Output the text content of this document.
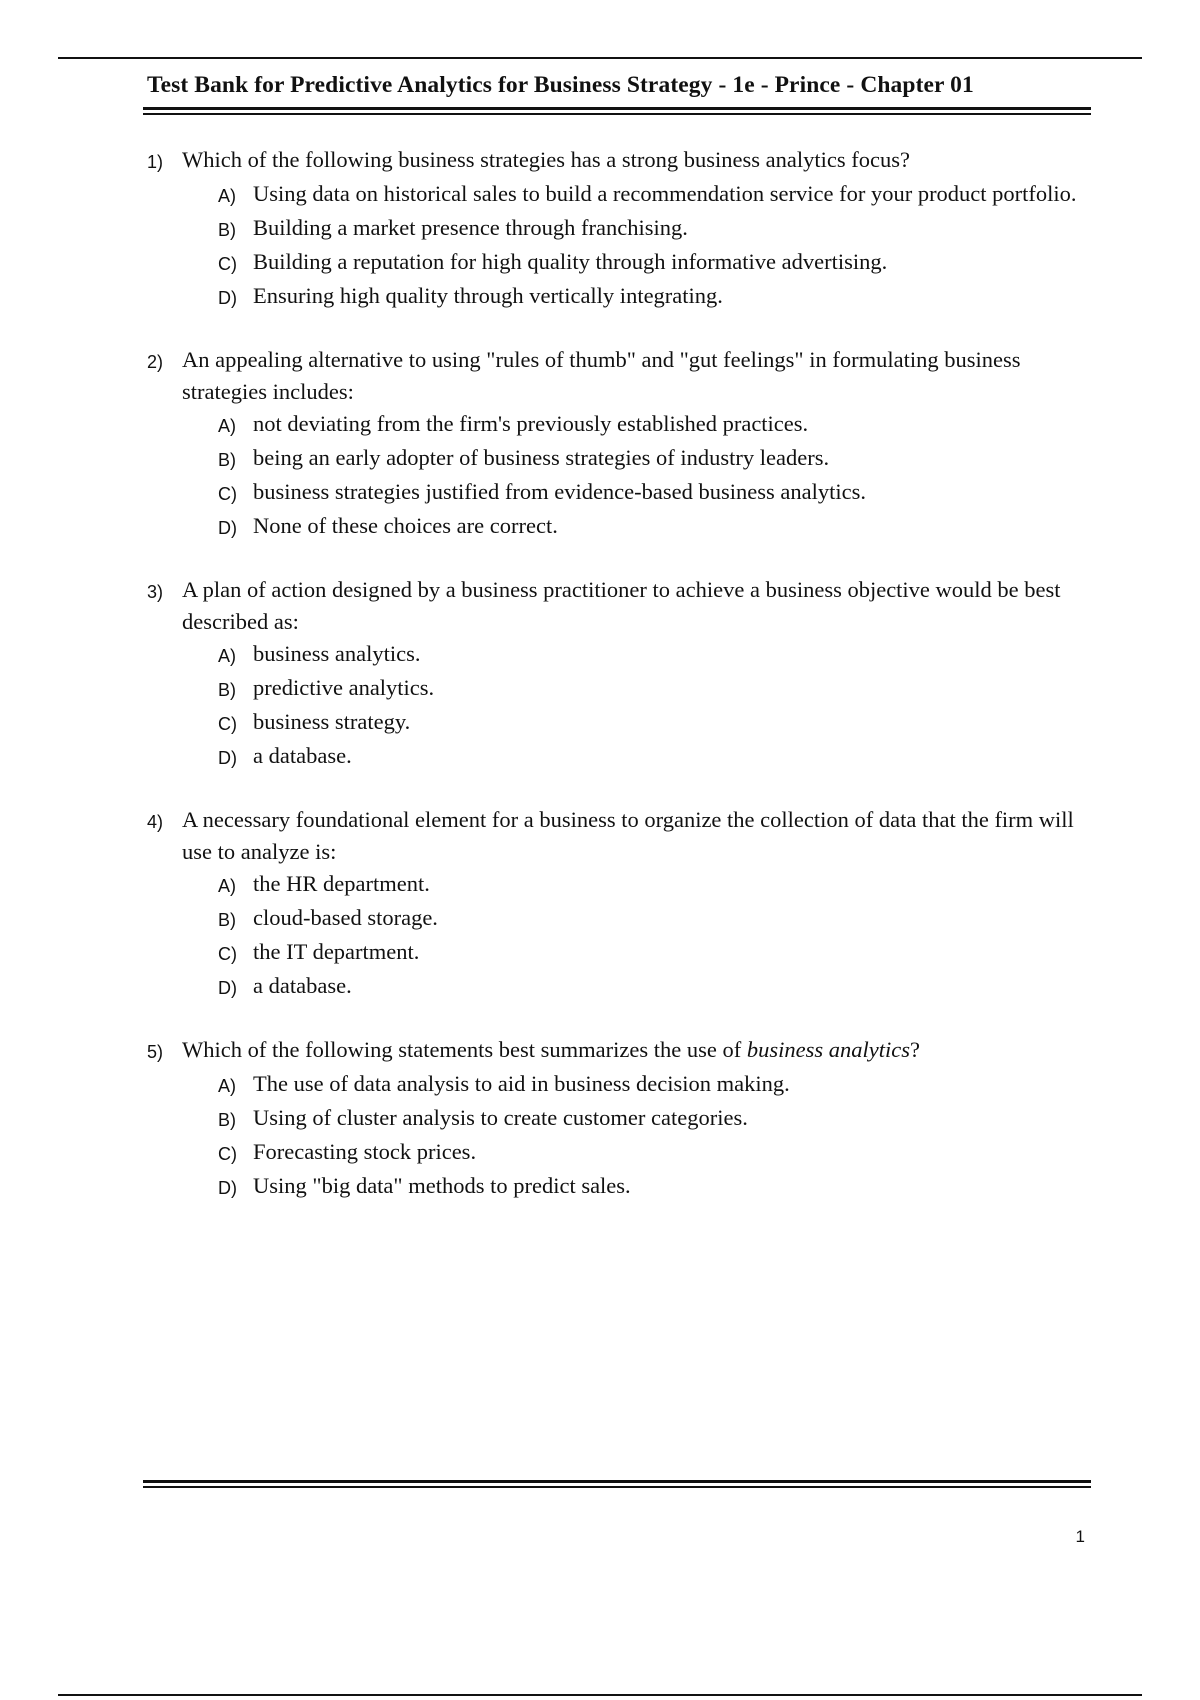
Test Bank for Predictive Analytics for Business Strategy - 1e - Prince - Chapter 01
1) Which of the following business strategies has a strong business analytics focus?
A) Using data on historical sales to build a recommendation service for your product portfolio.
B) Building a market presence through franchising.
C) Building a reputation for high quality through informative advertising.
D) Ensuring high quality through vertically integrating.
2) An appealing alternative to using "rules of thumb" and "gut feelings" in formulating business strategies includes:
A) not deviating from the firm's previously established practices.
B) being an early adopter of business strategies of industry leaders.
C) business strategies justified from evidence-based business analytics.
D) None of these choices are correct.
3) A plan of action designed by a business practitioner to achieve a business objective would be best described as:
A) business analytics.
B) predictive analytics.
C) business strategy.
D) a database.
4) A necessary foundational element for a business to organize the collection of data that the firm will use to analyze is:
A) the HR department.
B) cloud-based storage.
C) the IT department.
D) a database.
5) Which of the following statements best summarizes the use of business analytics?
A) The use of data analysis to aid in business decision making.
B) Using of cluster analysis to create customer categories.
C) Forecasting stock prices.
D) Using "big data" methods to predict sales.
1
